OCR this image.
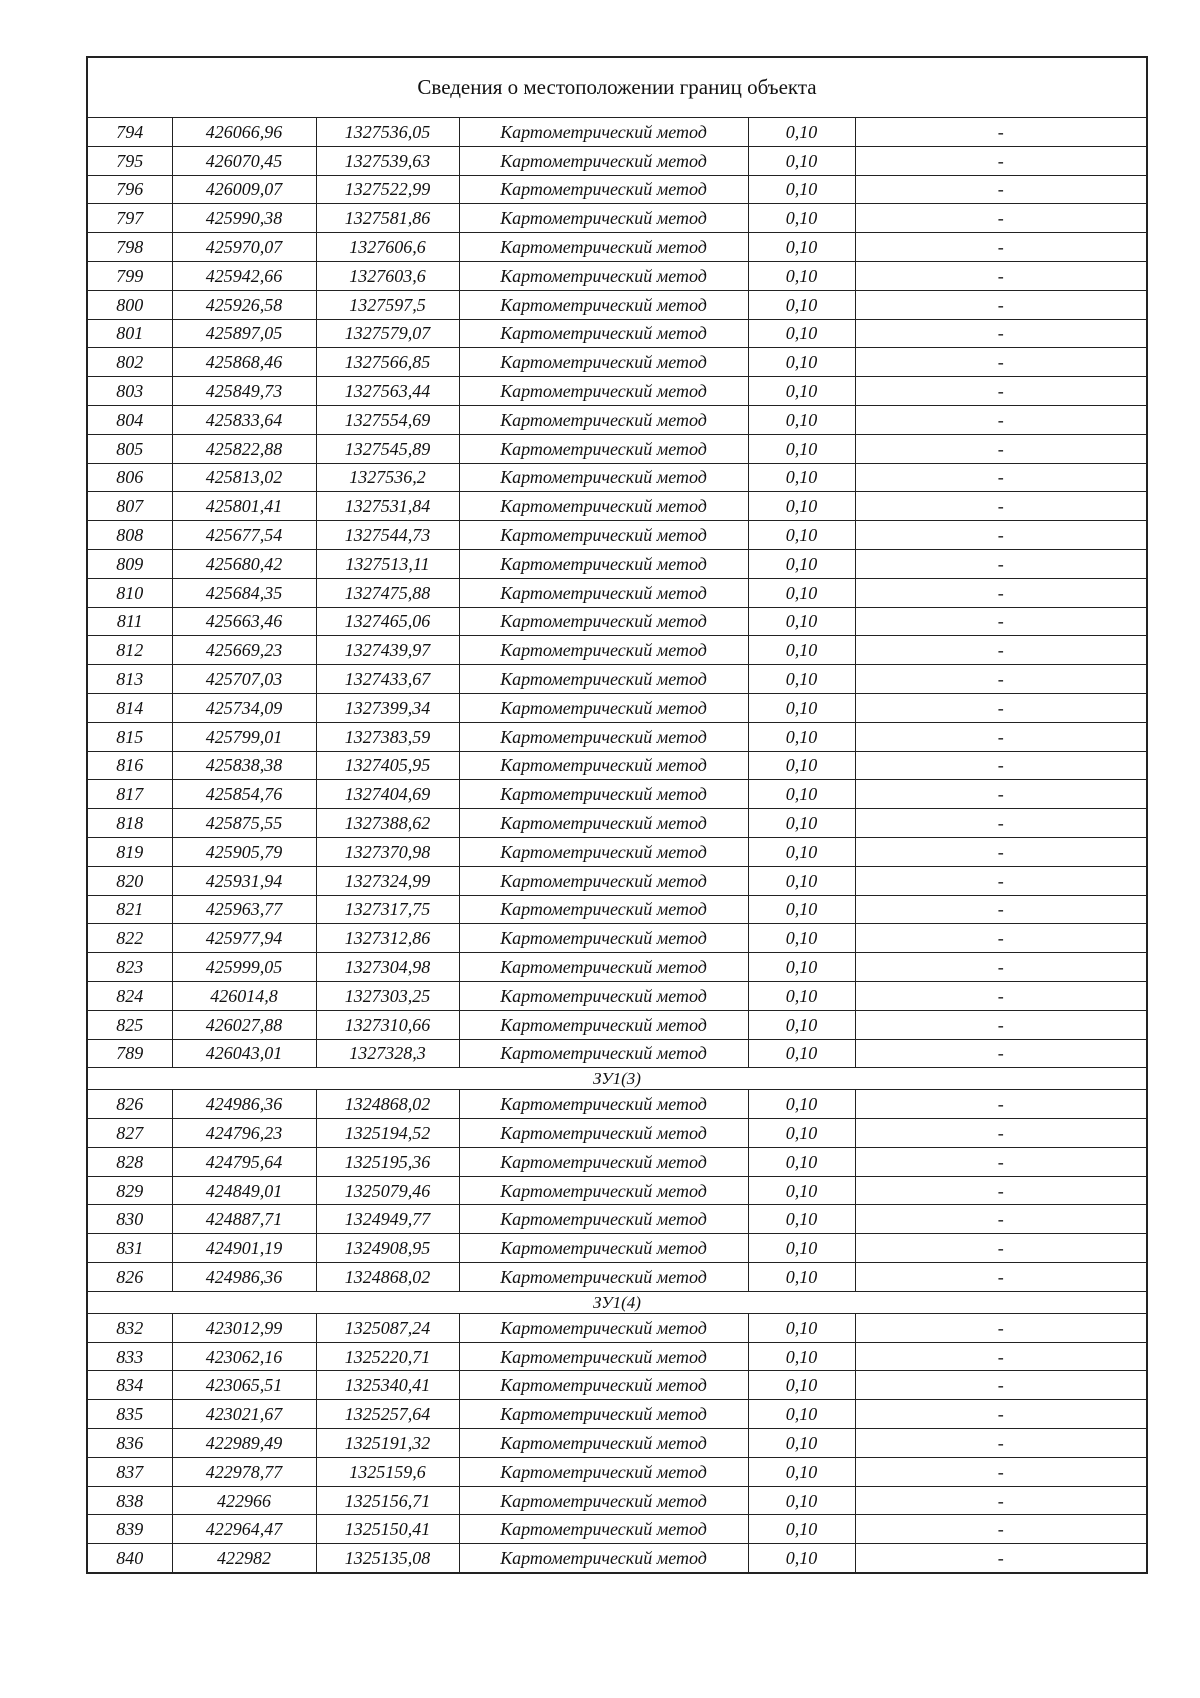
Сведения о местоположении границ объекта					
794	426066,96	1327536,05	Картометрический метод	0,10	-
795	426070,45	1327539,63	Картометрический метод	0,10	-
796	426009,07	1327522,99	Картометрический метод	0,10	-
797	425990,38	1327581,86	Картометрический метод	0,10	-
798	425970,07	1327606,6	Картометрический метод	0,10	-
799	425942,66	1327603,6	Картометрический метод	0,10	-
800	425926,58	1327597,5	Картометрический метод	0,10	-
801	425897,05	1327579,07	Картометрический метод	0,10	-
802	425868,46	1327566,85	Картометрический метод	0,10	-
803	425849,73	1327563,44	Картометрический метод	0,10	-
804	425833,64	1327554,69	Картометрический метод	0,10	-
805	425822,88	1327545,89	Картометрический метод	0,10	-
806	425813,02	1327536,2	Картометрический метод	0,10	-
807	425801,41	1327531,84	Картометрический метод	0,10	-
808	425677,54	1327544,73	Картометрический метод	0,10	-
809	425680,42	1327513,11	Картометрический метод	0,10	-
810	425684,35	1327475,88	Картометрический метод	0,10	-
811	425663,46	1327465,06	Картометрический метод	0,10	-
812	425669,23	1327439,97	Картометрический метод	0,10	-
813	425707,03	1327433,67	Картометрический метод	0,10	-
814	425734,09	1327399,34	Картометрический метод	0,10	-
815	425799,01	1327383,59	Картометрический метод	0,10	-
816	425838,38	1327405,95	Картометрический метод	0,10	-
817	425854,76	1327404,69	Картометрический метод	0,10	-
818	425875,55	1327388,62	Картометрический метод	0,10	-
819	425905,79	1327370,98	Картометрический метод	0,10	-
820	425931,94	1327324,99	Картометрический метод	0,10	-
821	425963,77	1327317,75	Картометрический метод	0,10	-
822	425977,94	1327312,86	Картометрический метод	0,10	-
823	425999,05	1327304,98	Картометрический метод	0,10	-
824	426014,8	1327303,25	Картометрический метод	0,10	-
825	426027,88	1327310,66	Картометрический метод	0,10	-
789	426043,01	1327328,3	Картометрический метод	0,10	-
ЗУ1(3)					
826	424986,36	1324868,02	Картометрический метод	0,10	-
827	424796,23	1325194,52	Картометрический метод	0,10	-
828	424795,64	1325195,36	Картометрический метод	0,10	-
829	424849,01	1325079,46	Картометрический метод	0,10	-
830	424887,71	1324949,77	Картометрический метод	0,10	-
831	424901,19	1324908,95	Картометрический метод	0,10	-
826	424986,36	1324868,02	Картометрический метод	0,10	-
ЗУ1(4)					
832	423012,99	1325087,24	Картометрический метод	0,10	-
833	423062,16	1325220,71	Картометрический метод	0,10	-
834	423065,51	1325340,41	Картометрический метод	0,10	-
835	423021,67	1325257,64	Картометрический метод	0,10	-
836	422989,49	1325191,32	Картометрический метод	0,10	-
837	422978,77	1325159,6	Картометрический метод	0,10	-
838	422966	1325156,71	Картометрический метод	0,10	-
839	422964,47	1325150,41	Картометрический метод	0,10	-
840	422982	1325135,08	Картометрический метод	0,10	-
